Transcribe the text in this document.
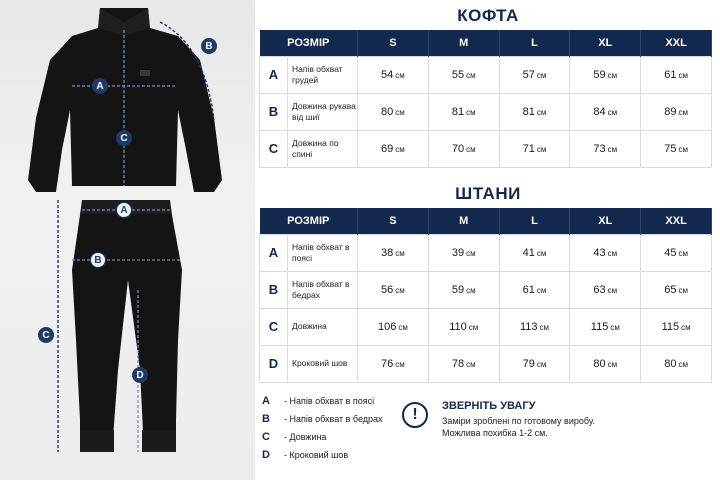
A
B
C
A
B
C
D
КОФТА
РОЗМІР		S	M	L	XL	XXL
A	Напів обхват грудей	54 см	55 см	57 см	59 см	61 см
B	Довжина рукава від шиї	80 см	81 см	81 см	84 см	89 см
C	Довжина по спині	69 см	70 см	71 см	73 см	75 см
ШТАНИ
РОЗМІР		S	M	L	XL	XXL
A	Напів обхват в поясі	38 см	39 см	41 см	43 см	45 см
B	Напів обхват в бедрах	56 см	59 см	61 см	63 см	65 см
C	Довжина	106 см	110 см	113 см	115 см	115 см
D	Кроковий шов	76 см	78 см	79 см	80 см	80 см
A	-
Напів обхват в поясі
B	-
Напів обхват в бедрах
C	-
Довжина
D	-
Кроковий шов
!	ЗВЕРНІТЬ УВАГУ
Заміри зроблені по готовому виробу.
Можлива похибка 1-2 см.
